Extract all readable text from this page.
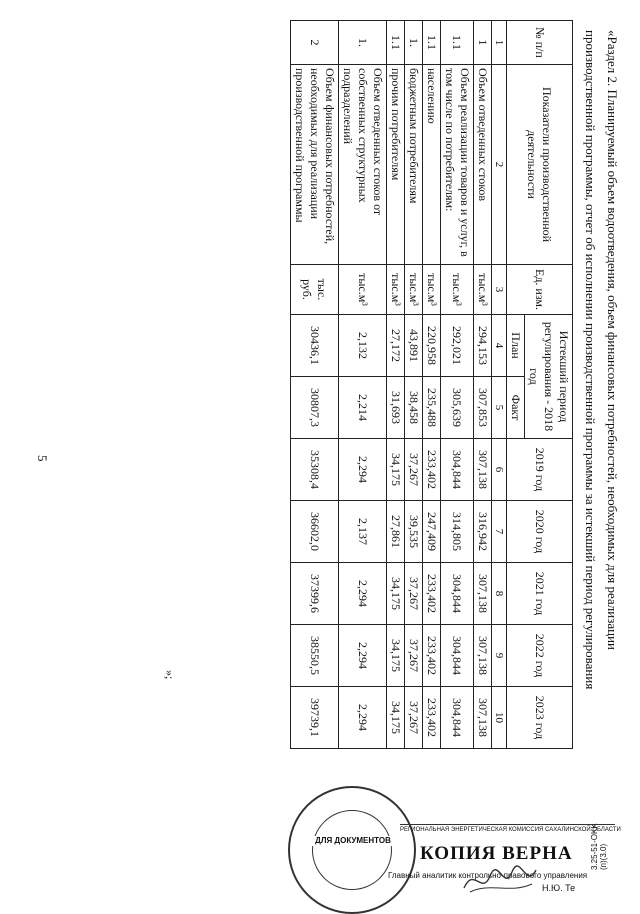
5	«Раздел 2. Планируемый объем водоотведения, объем финансовых потребностей, необходимых для реализации
производственной программы, отчет об исполнении производственной программы за истекший период регулирования
№ п/п	Показатели производственной деятельности	Ед. изм.	Истекший период регулирования - 2018 год		2019 год	2020 год	2021 год	2022 год	2023 год
			План	Факт					
1	2	3	4	5	6	7	8	9	10
1	Объем отведенных стоков	тыс.м³	294,153	307,853	307,138	316,942	307,138	307,138	307,138
1.1	Объем реализации товаров и услуг, в том числе по потребителям:	тыс.м³	292,021	305,639	304,844	314,805	304,844	304,844	304,844
1.1	населению	тыс.м³	220,958	235,488	233,402	247,409	233,402	233,402	233,402
1.	бюджетным потребителям	тыс.м³	43,891	38,458	37,267	39,535	37,267	37,267	37,267
1.1	прочим потребителям	тыс.м³	27,172	31,693	34,175	27,861	34,175	34,175	34,175
1.	Объем отведенных стоков от собственных структурных подразделений	тыс.м³	2,132	2,214	2,294	2,137	2,294	2,294	2,294
2	Объем финансовых потребностей, необходимых для реализации производственной программы	тыс. руб.	30436,1	30807,3	35308,4	36602,0	37399,6	38550,5	39739,1
»;
3.25-51-OKK (п)(3.0)
ДЛЯ ДОКУМЕНТОВ
РЕГИОНАЛЬНАЯ ЭНЕРГЕТИЧЕСКАЯ КОМИССИЯ САХАЛИНСКОЙ ОБЛАСТИ
КОПИЯ ВЕРНА
Главный аналитик контрольно-правового управления
Н.Ю. Те
